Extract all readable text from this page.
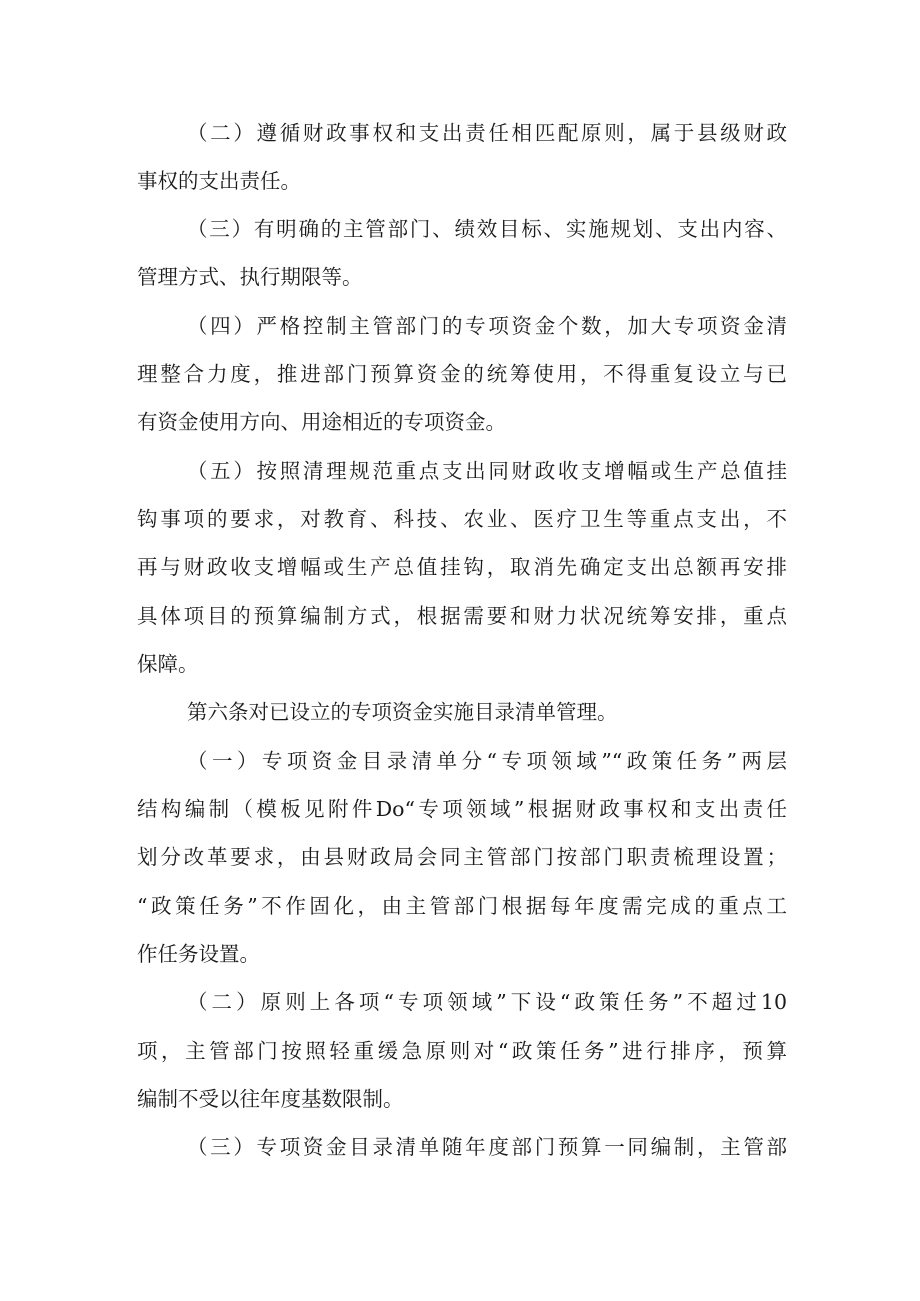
（二）遵循财政事权和支出责任相匹配原则，属于县级财政
事权的支出责任。
（三）有明确的主管部门、绩效目标、实施规划、支出内容、
管理方式、执行期限等。
（四）严格控制主管部门的专项资金个数，加大专项资金清
理整合力度，推进部门预算资金的统筹使用，不得重复设立与已
有资金使用方向、用途相近的专项资金。
（五）按照清理规范重点支出同财政收支增幅或生产总值挂
钩事项的要求，对教育、科技、农业、医疗卫生等重点支出，不
再与财政收支增幅或生产总值挂钩，取消先确定支出总额再安排
具体项目的预算编制方式，根据需要和财力状况统筹安排，重点
保障。
第六条对已设立的专项资金实施目录清单管理。
（一）专项资金目录清单分“专项领域”“政策任务”两层
结构编制（模板见附件Do“专项领域”根据财政事权和支出责任
划分改革要求，由县财政局会同主管部门按部门职责梳理设置；
“政策任务”不作固化，由主管部门根据每年度需完成的重点工
作任务设置。
（二）原则上各项“专项领域”下设“政策任务”不超过10
项，主管部门按照轻重缓急原则对“政策任务”进行排序，预算
编制不受以往年度基数限制。
（三）专项资金目录清单随年度部门预算一同编制，主管部
